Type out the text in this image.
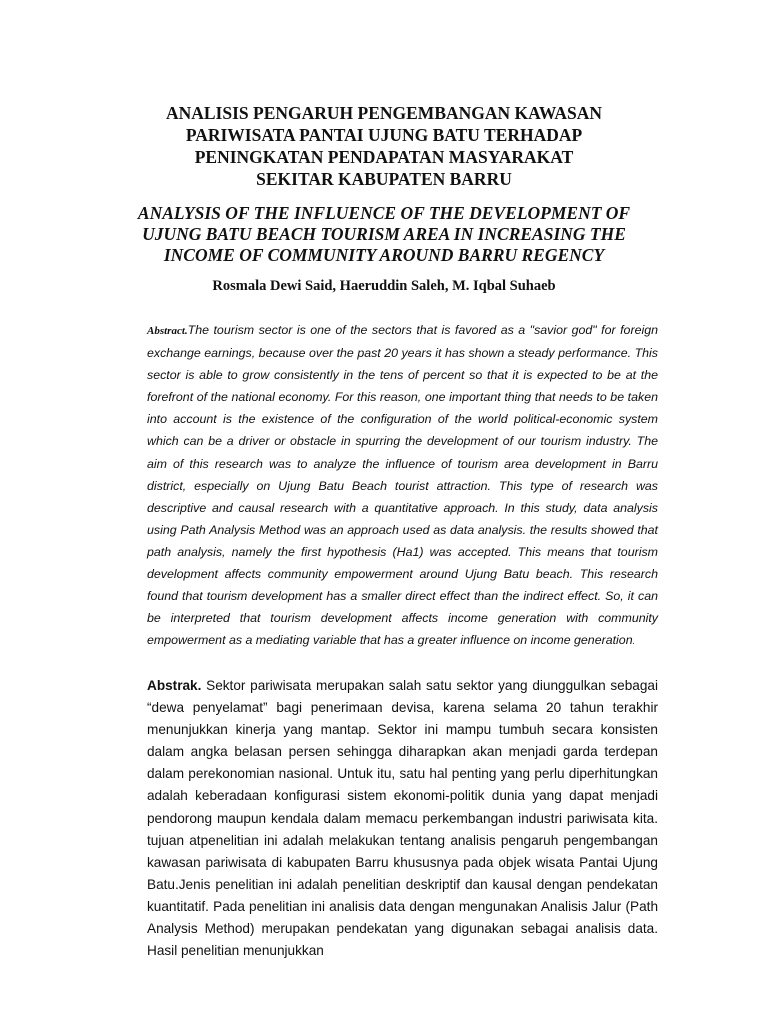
ANALISIS PENGARUH PENGEMBANGAN KAWASAN
PARIWISATA PANTAI UJUNG BATU TERHADAP
PENINGKATAN PENDAPATAN MASYARAKAT
SEKITAR KABUPATEN BARRU
ANALYSIS OF THE INFLUENCE OF THE DEVELOPMENT OF
UJUNG BATU BEACH TOURISM AREA IN INCREASING THE
INCOME OF COMMUNITY AROUND BARRU REGENCY
Rosmala Dewi Said, Haeruddin Saleh, M. Iqbal Suhaeb
Abstract.The tourism sector is one of the sectors that is favored as a "savior god" for foreign exchange earnings, because over the past 20 years it has shown a steady performance. This sector is able to grow consistently in the tens of percent so that it is expected to be at the forefront of the national economy. For this reason, one important thing that needs to be taken into account is the existence of the configuration of the world political-economic system which can be a driver or obstacle in spurring the development of our tourism industry. The aim of this research was to analyze the influence of tourism area development in Barru district, especially on Ujung Batu Beach tourist attraction. This type of research was descriptive and causal research with a quantitative approach. In this study, data analysis using Path Analysis Method was an approach used as data analysis. the results showed that path analysis, namely the first hypothesis (Ha1) was accepted. This means that tourism development affects community empowerment around Ujung Batu beach. This research found that tourism development has a smaller direct effect than the indirect effect. So, it can be interpreted that tourism development affects income generation with community empowerment as a mediating variable that has a greater influence on income generation.
Abstrak. Sektor pariwisata merupakan salah satu sektor yang diunggulkan sebagai “dewa penyelamat” bagi penerimaan devisa, karena selama 20 tahun terakhir menunjukkan kinerja yang mantap. Sektor ini mampu tumbuh secara konsisten dalam angka belasan persen sehingga diharapkan akan menjadi garda terdepan dalam perekonomian nasional. Untuk itu, satu hal penting yang perlu diperhitungkan adalah keberadaan konfigurasi sistem ekonomi-politik dunia yang dapat menjadi pendorong maupun kendala dalam memacu perkembangan industri pariwisata kita. tujuan atpenelitian ini adalah melakukan tentang analisis pengaruh pengembangan kawasan pariwisata di kabupaten Barru khususnya pada objek wisata Pantai Ujung Batu.Jenis penelitian ini adalah penelitian deskriptif dan kausal dengan pendekatan kuantitatif. Pada penelitian ini analisis data dengan mengunakan Analisis Jalur (Path Analysis Method) merupakan pendekatan yang digunakan sebagai analisis data. Hasil penelitian menunjukkan
